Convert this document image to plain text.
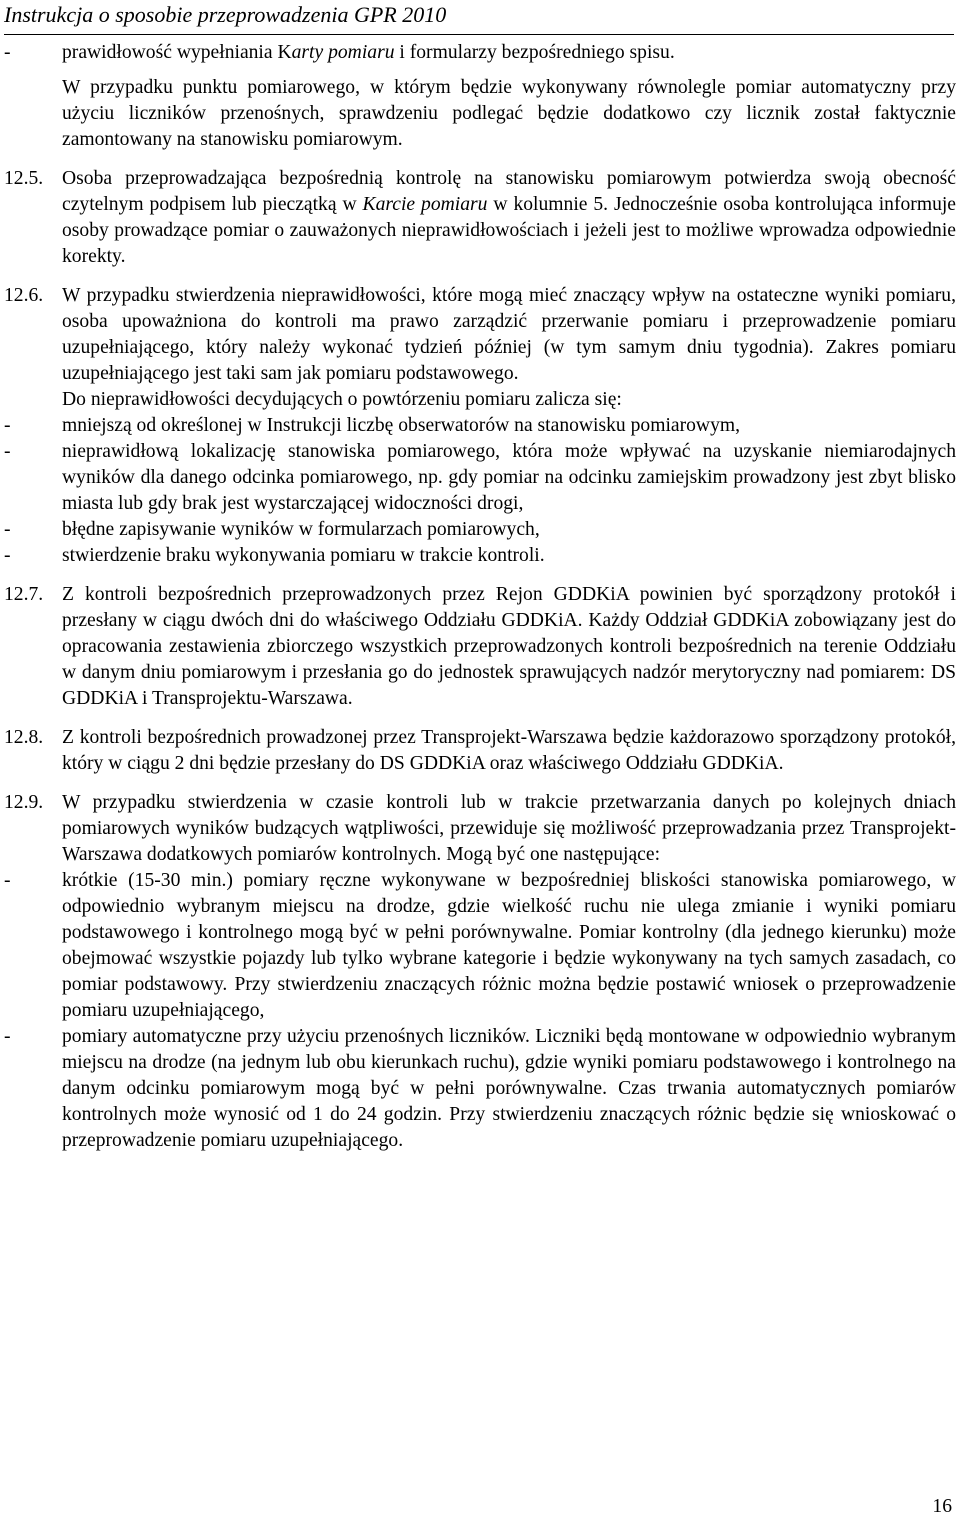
Instrukcja o sposobie przeprowadzenia GPR 2010
-	prawidłowość wypełniania Karty pomiaru i formularzy bezpośredniego spisu.

W przypadku punktu pomiarowego, w którym będzie wykonywany równolegle pomiar automatyczny przy użyciu liczników przenośnych, sprawdzeniu podlegać będzie dodatkowo czy licznik został faktycznie zamontowany na stanowisku pomiarowym.

12.5. Osoba przeprowadzająca bezpośrednią kontrolę na stanowisku pomiarowym potwierdza swoją obecność czytelnym podpisem lub pieczątką w Karcie pomiaru w kolumnie 5. Jednocześnie osoba kontrolująca informuje osoby prowadzące pomiar o zauważonych nieprawidłowościach i jeżeli jest to możliwe wprowadza odpowiednie korekty.

12.6. W przypadku stwierdzenia nieprawidłowości, które mogą mieć znaczący wpływ na ostateczne wyniki pomiaru, osoba upoważniona do kontroli ma prawo zarządzić przerwanie pomiaru i przeprowadzenie pomiaru uzupełniającego, który należy wykonać tydzień później (w tym samym dniu tygodnia). Zakres pomiaru uzupełniającego jest taki sam jak pomiaru podstawowego.

Do nieprawidłowości decydujących o powtórzeniu pomiaru zalicza się:

-	mniejszą od określonej w Instrukcji liczbę obserwatorów na stanowisku pomiarowym,

-	nieprawidłową lokalizację stanowiska pomiarowego, która może wpływać na uzyskanie niemiarodajnych wyników dla danego odcinka pomiarowego, np. gdy pomiar na odcinku zamiejskim prowadzony jest zbyt blisko miasta lub gdy brak jest wystarczającej widoczności drogi,

-	błędne zapisywanie wyników w formularzach pomiarowych,

-	stwierdzenie braku wykonywania pomiaru w trakcie kontroli.

12.7. Z kontroli bezpośrednich przeprowadzonych przez Rejon GDDKiA powinien być sporządzony protokół i przesłany w ciągu dwóch dni do właściwego Oddziału GDDKiA. Każdy Oddział GDDKiA zobowiązany jest do opracowania zestawienia zbiorczego wszystkich przeprowadzonych kontroli bezpośrednich na terenie Oddziału w danym dniu pomiarowym i przesłania go do jednostek sprawujących nadzór merytoryczny nad pomiarem: DS GDDKiA i Transprojektu-Warszawa.

12.8. Z kontroli bezpośrednich prowadzonej przez Transprojekt-Warszawa będzie każdorazowo sporządzony protokół, który w ciągu 2 dni będzie przesłany do DS GDDKiA oraz właściwego Oddziału GDDKiA.

12.9. W przypadku stwierdzenia w czasie kontroli lub w trakcie przetwarzania danych po kolejnych dniach pomiarowych wyników budzących wątpliwości, przewiduje się możliwość przeprowadzania przez Transprojekt-Warszawa dodatkowych pomiarów kontrolnych. Mogą być one następujące:

-	krótkie (15-30 min.) pomiary ręczne wykonywane w bezpośredniej bliskości stanowiska pomiarowego, w odpowiednio wybranym miejscu na drodze, gdzie wielkość ruchu nie ulega zmianie i wyniki pomiaru podstawowego i kontrolnego mogą być w pełni porównywalne. Pomiar kontrolny (dla jednego kierunku) może obejmować wszystkie pojazdy lub tylko wybrane kategorie i będzie wykonywany na tych samych zasadach, co pomiar podstawowy. Przy stwierdzeniu znaczących różnic można będzie postawić wniosek o przeprowadzenie pomiaru uzupełniającego,

-	pomiary automatyczne przy użyciu przenośnych liczników. Liczniki będą montowane w odpowiednio wybranym miejscu na drodze (na jednym lub obu kierunkach ruchu), gdzie wyniki pomiaru podstawowego i kontrolnego na danym odcinku pomiarowym mogą być w pełni porównywalne. Czas trwania automatycznych pomiarów kontrolnych może wynosić od 1 do 24 godzin. Przy stwierdzeniu znaczących różnic będzie się wnioskować o przeprowadzenie pomiaru uzupełniającego.

16
